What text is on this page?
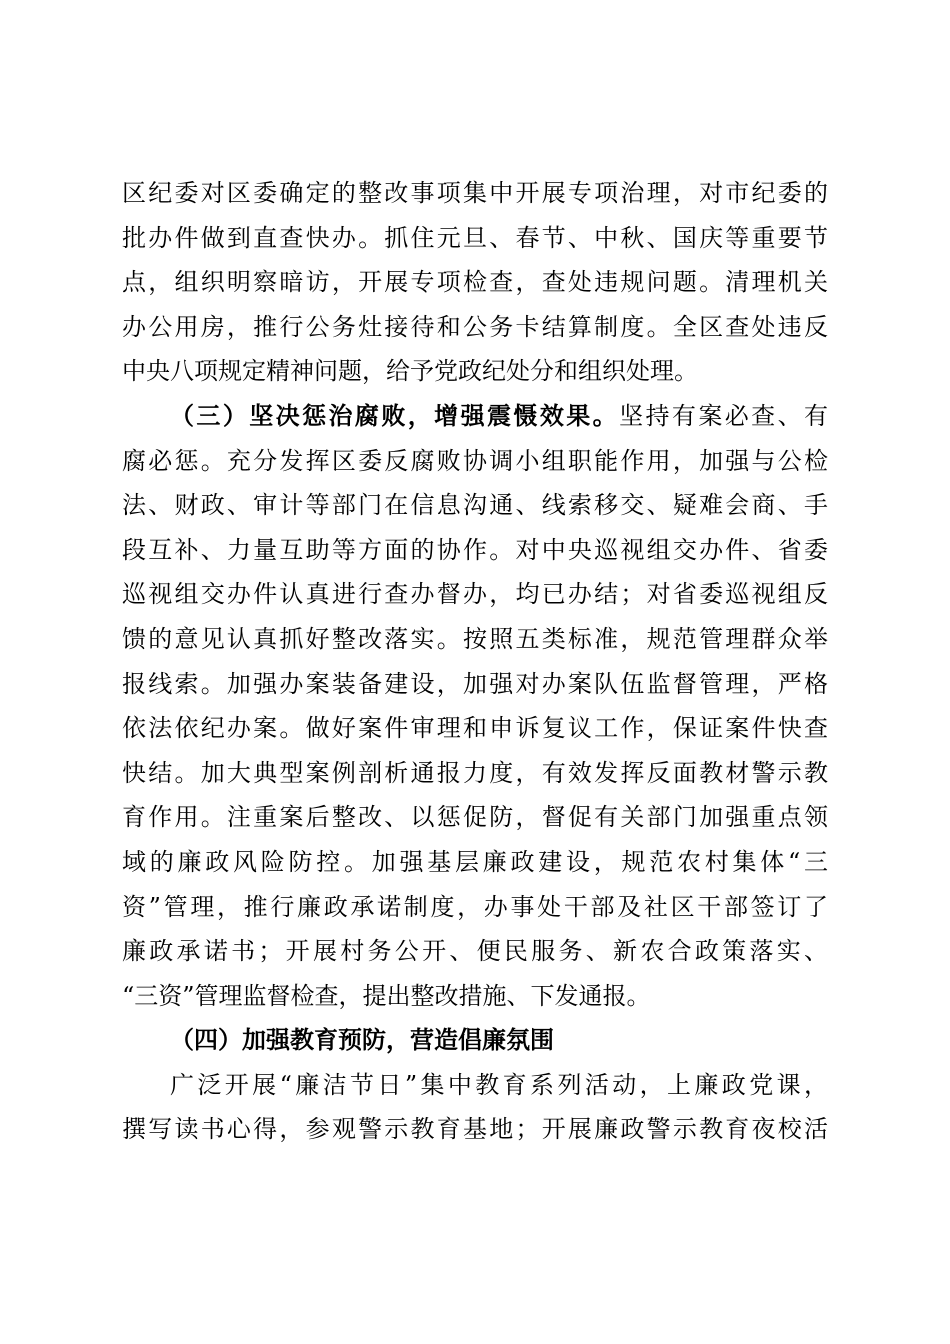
区纪委对区委确定的整改事项集中开展专项治理，对市纪委的
批办件做到直查快办。抓住元旦、春节、中秋、国庆等重要节
点，组织明察暗访，开展专项检查，查处违规问题。清理机关
办公用房，推行公务灶接待和公务卡结算制度。全区查处违反
中央八项规定精神问题，给予党政纪处分和组织处理。
（三）坚决惩治腐败，增强震慑效果。坚持有案必查、有
腐必惩。充分发挥区委反腐败协调小组职能作用，加强与公检
法、财政、审计等部门在信息沟通、线索移交、疑难会商、手
段互补、力量互助等方面的协作。对中央巡视组交办件、省委
巡视组交办件认真进行查办督办，均已办结；对省委巡视组反
馈的意见认真抓好整改落实。按照五类标准，规范管理群众举
报线索。加强办案装备建设，加强对办案队伍监督管理，严格
依法依纪办案。做好案件审理和申诉复议工作，保证案件快查
快结。加大典型案例剖析通报力度，有效发挥反面教材警示教
育作用。注重案后整改、以惩促防，督促有关部门加强重点领
域的廉政风险防控。加强基层廉政建设，规范农村集体“三
资”管理，推行廉政承诺制度，办事处干部及社区干部签订了
廉政承诺书；开展村务公开、便民服务、新农合政策落实、
“三资”管理监督检查，提出整改措施、下发通报。
（四）加强教育预防，营造倡廉氛围
广泛开展“廉洁节日”集中教育系列活动，上廉政党课，
撰写读书心得，参观警示教育基地；开展廉政警示教育夜校活
